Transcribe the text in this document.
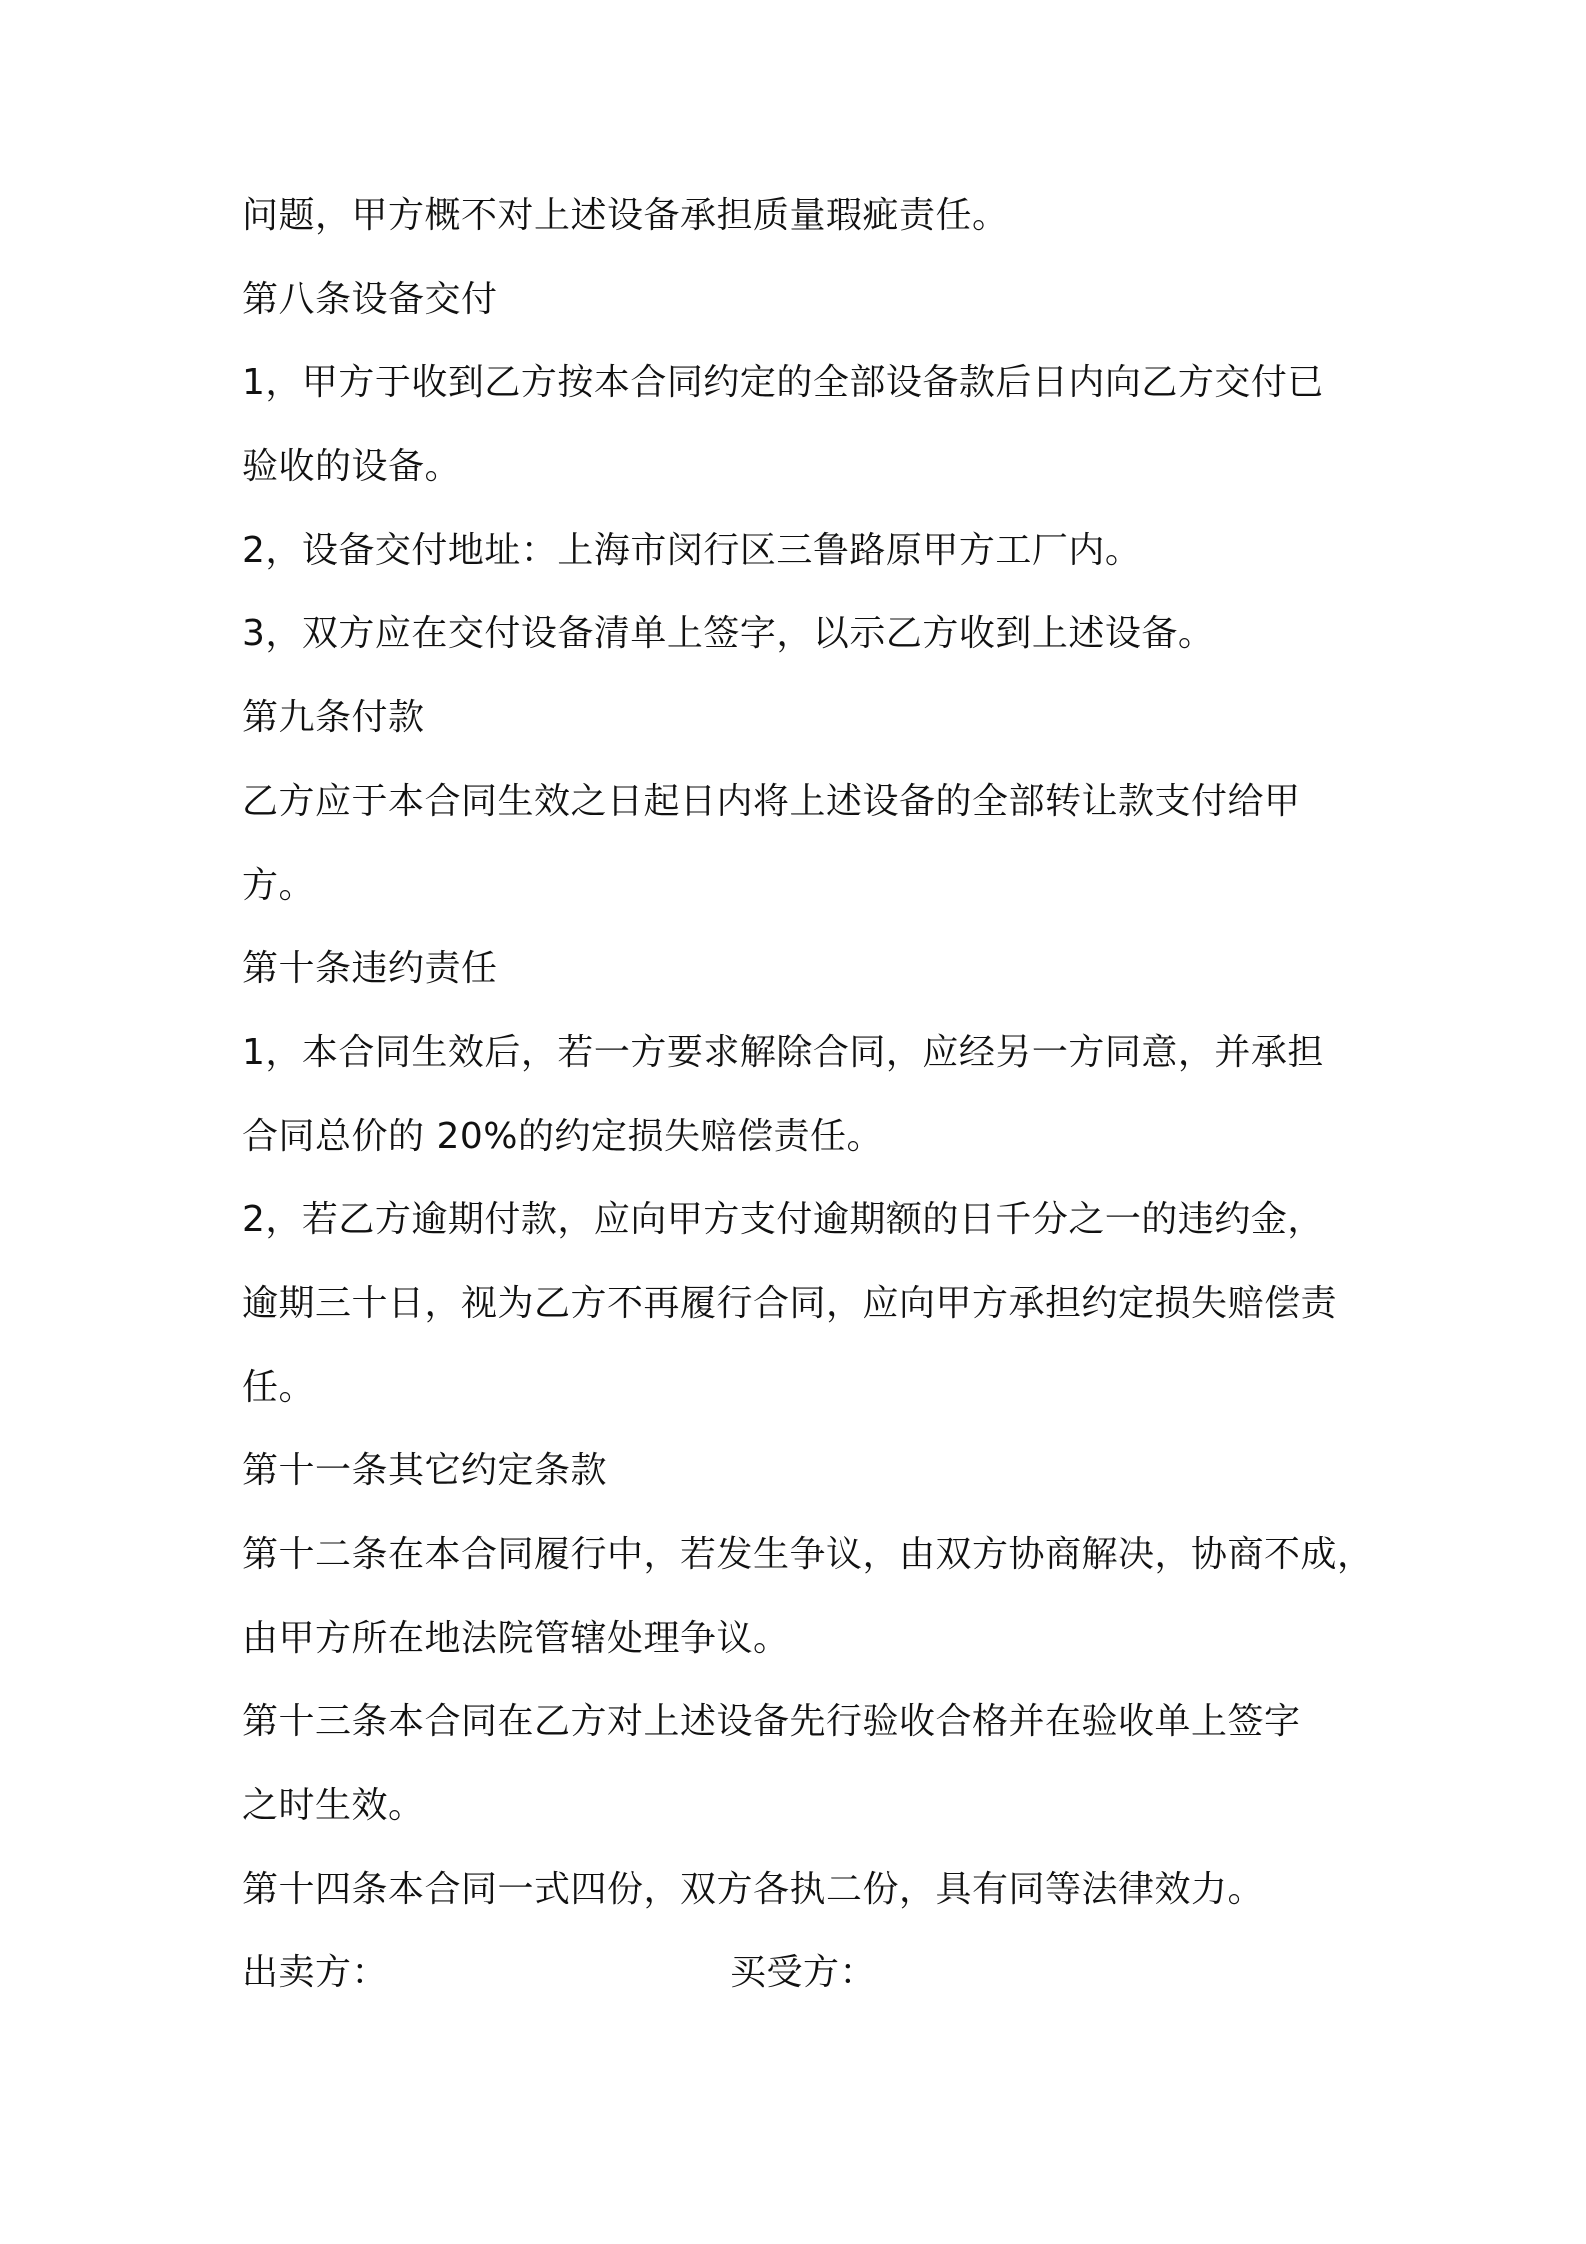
问题，甲方概不对上述设备承担质量瑕疵责任。

第八条设备交付

1，甲方于收到乙方按本合同约定的全部设备款后日内向乙方交付已

验收的设备。

2，设备交付地址：上海市闵行区三鲁路原甲方工厂内。

3，双方应在交付设备清单上签字，以示乙方收到上述设备。

第九条付款

乙方应于本合同生效之日起日内将上述设备的全部转让款支付给甲

方。

第十条违约责任

1，本合同生效后，若一方要求解除合同，应经另一方同意，并承担

合同总价的 20%的约定损失赔偿责任。

2，若乙方逾期付款，应向甲方支付逾期额的日千分之一的违约金，

逾期三十日，视为乙方不再履行合同，应向甲方承担约定损失赔偿责

任。

第十一条其它约定条款

第十二条在本合同履行中，若发生争议，由双方协商解决，协商不成，

由甲方所在地法院管辖处理争议。

第十三条本合同在乙方对上述设备先行验收合格并在验收单上签字

之时生效。

第十四条本合同一式四份，双方各执二份，具有同等法律效力。

出卖方：	买受方：
